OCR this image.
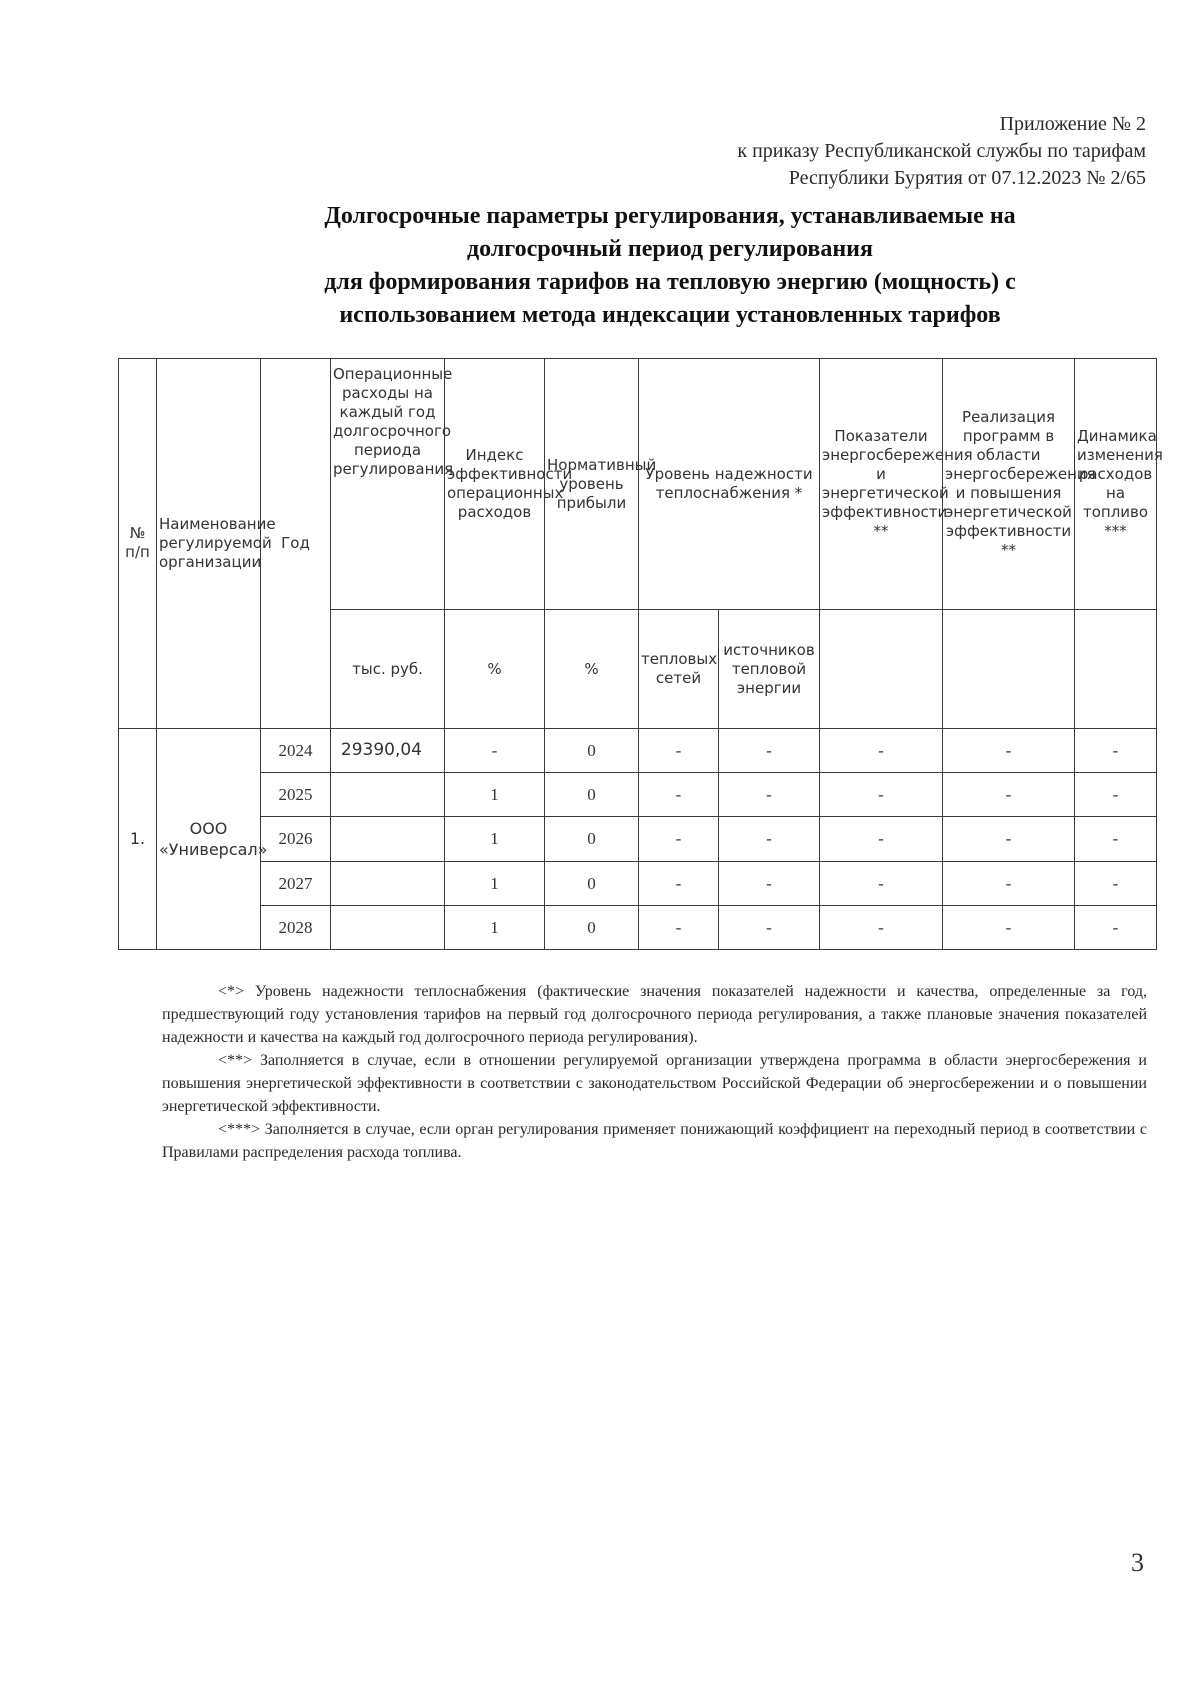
Приложение № 2
к приказу Республиканской службы по тарифам
Республики Бурятия от 07.12.2023 № 2/65
Долгосрочные параметры регулирования, устанавливаемые на
долгосрочный период регулирования
для формирования тарифов на тепловую энергию (мощность) с
использованием метода индексации установленных тарифов
№ п/п	Наименование регулируемой организации	Год	Операционные расходы на каждый год долгосрочного периода регулирования	Индекс эффективности операционных расходов	Нормативный уровень прибыли	Уровень надежности теплоснабжения *		Показатели энергосбережения и энергетической эффективности **	Реализация программ в области энергосбережения и повышения энергетической эффективности **	Динамика изменения расходов на топливо ***
			тыс. руб.	%	%	тепловых сетей	источников тепловой энергии			
1.	ООО «Универсал»	2024	29390,04	-	0	-	-	-	-	-
		2025		1	0	-	-	-	-	-
		2026		1	0	-	-	-	-	-
		2027		1	0	-	-	-	-	-
		2028		1	0	-	-	-	-	-

<*> Уровень надежности теплоснабжения (фактические значения показателей надежности и качества, определенные за год, предшествующий году установления тарифов на первый год долгосрочного периода регулирования, а также плановые значения показателей надежности и качества на каждый год долгосрочного периода регулирования).

<**> Заполняется в случае, если в отношении регулируемой организации утверждена программа в области энергосбережения и повышения энергетической эффективности в соответствии с законодательством Российской Федерации об энергосбережении и о повышении энергетической эффективности.

<***> Заполняется в случае, если орган регулирования применяет понижающий коэффициент на переходный период в соответствии с Правилами распределения расхода топлива.

3
